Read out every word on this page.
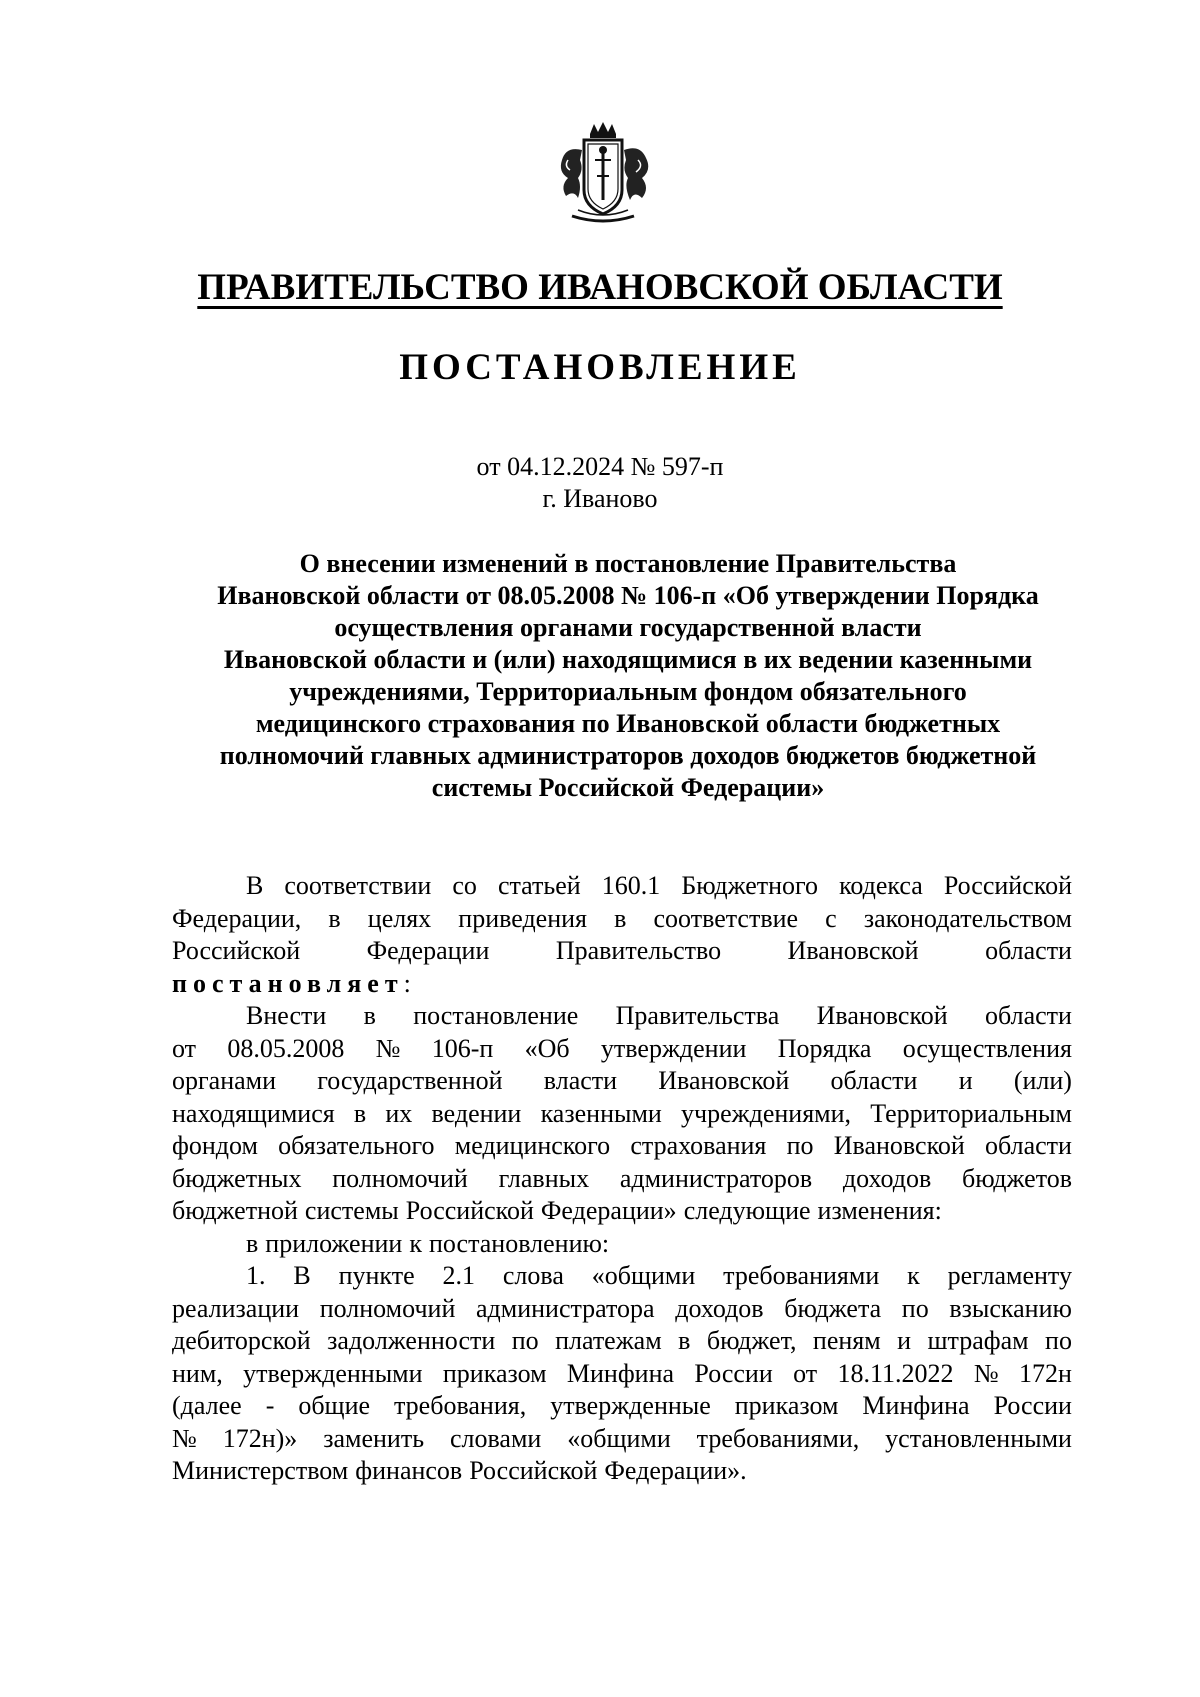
ПРАВИТЕЛЬСТВО ИВАНОВСКОЙ ОБЛАСТИ
ПОСТАНОВЛЕНИЕ
от 04.12.2024 № 597-п
г. Иваново
О внесении изменений в постановление Правительства
Ивановской области от 08.05.2008 № 106-п «Об утверждении Порядка
осуществления органами государственной власти
Ивановской области и (или) находящимися в их ведении казенными
учреждениями, Территориальным фондом обязательного
медицинского страхования по Ивановской области бюджетных
полномочий главных администраторов доходов бюджетов бюджетной
системы Российской Федерации»
В соответствии со статьей 160.1 Бюджетного кодекса Российской
Федерации, в целях приведения в соответствие с законодательством
Российской	Федерации	Правительство	Ивановской	области
постановляет :
Внести в постановление Правительства Ивановской области
от 08.05.2008 № 106-п «Об утверждении Порядка осуществления
органами государственной власти Ивановской области и (или)
находящимися в их ведении казенными учреждениями, Территориальным
фондом обязательного медицинского страхования по Ивановской области
бюджетных полномочий главных администраторов доходов бюджетов
бюджетной системы Российской Федерации» следующие изменения:
в приложении к постановлению:
1. В пункте 2.1 слова «общими требованиями к регламенту
реализации полномочий администратора доходов бюджета по взысканию
дебиторской задолженности по платежам в бюджет, пеням и штрафам по
ним, утвержденными приказом Минфина России от 18.11.2022 № 172н
(далее - общие требования, утвержденные приказом Минфина России
№ 172н)» заменить словами «общими требованиями, установленными
Министерством финансов Российской Федерации».
